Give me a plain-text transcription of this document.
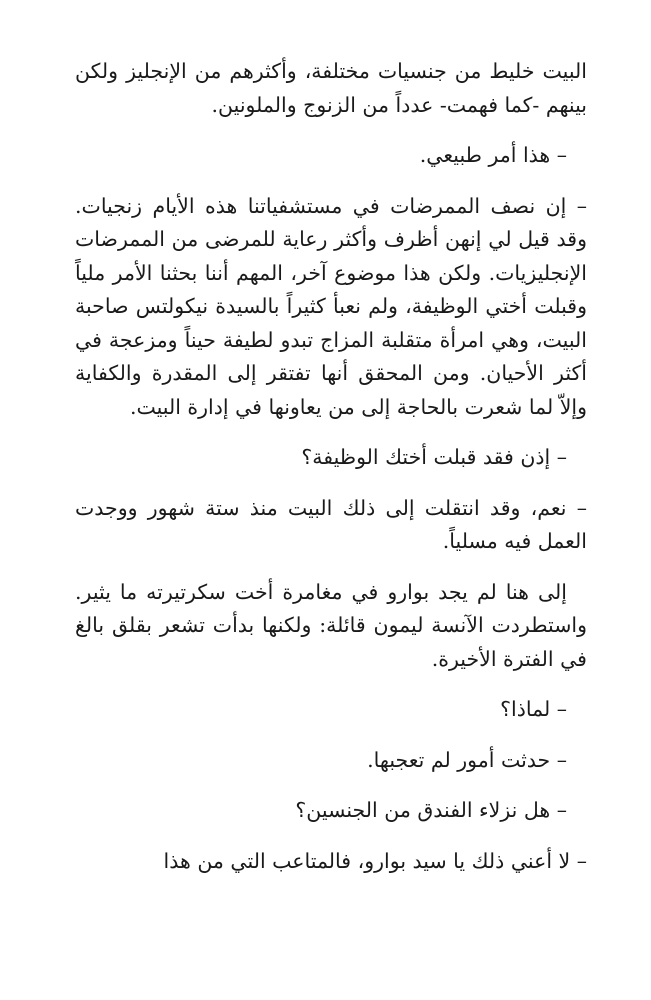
البيت خليط من جنسيات مختلفة، وأكثرهم من الإنجليز ولكن بينهم -كما فهمت- عدداً من الزنوج والملونين.

– هذا أمر طبيعي.

– إن نصف الممرضات في مستشفياتنا هذه الأيام زنجيات. وقد قيل لي إنهن أظرف وأكثر رعاية للمرضى من الممرضات الإنجليزيات. ولكن هذا موضوع آخر، المهم أننا بحثنا الأمر ملياً وقبلت أختي الوظيفة، ولم نعبأ كثيراً بالسيدة نيكولتس صاحبة البيت، وهي امرأة متقلبة المزاج تبدو لطيفة حيناً ومزعجة في أكثر الأحيان. ومن المحقق أنها تفتقر إلى المقدرة والكفاية وإلاّ لما شعرت بالحاجة إلى من يعاونها في إدارة البيت.

– إذن فقد قبلت أختك الوظيفة؟

– نعم، وقد انتقلت إلى ذلك البيت منذ ستة شهور ووجدت العمل فيه مسلياً.

إلى هنا لم يجد بوارو في مغامرة أخت سكرتيرته ما يثير. واستطردت الآنسة ليمون قائلة: ولكنها بدأت تشعر بقلق بالغ في الفترة الأخيرة.

– لماذا؟

– حدثت أمور لم تعجبها.

– هل نزلاء الفندق من الجنسين؟

– لا أعني ذلك يا سيد بوارو، فالمتاعب التي من هذا
